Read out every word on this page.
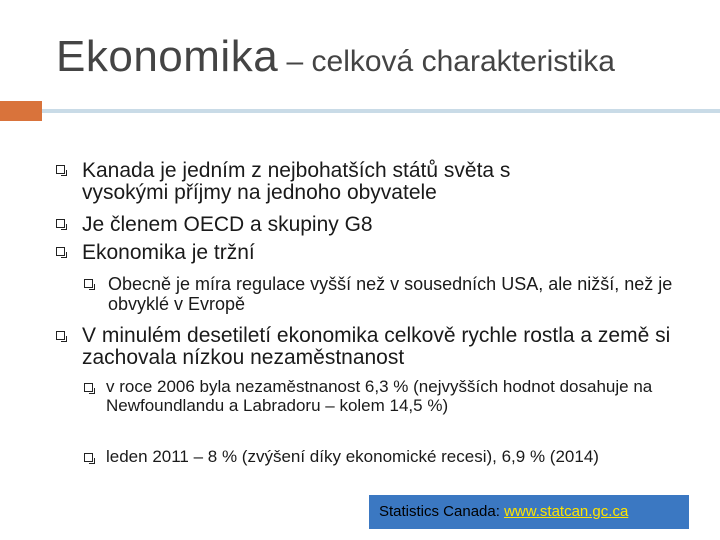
Ekonomika – celková charakteristika
Kanada je jedním z nejbohatších států světa s vysokými příjmy na jednoho obyvatele
Je členem OECD a skupiny G8
Ekonomika je tržní
Obecně je míra regulace vyšší než v sousedních USA, ale nižší, než je obvyklé v Evropě
V minulém desetiletí ekonomika celkově rychle rostla a země si zachovala nízkou nezaměstnanost
v roce 2006 byla nezaměstnanost 6,3 % (nejvyšších hodnot dosahuje na Newfoundlandu a Labradoru – kolem 14,5 %)
leden 2011 – 8 % (zvýšení díky ekonomické recesi), 6,9 % (2014)
Statistics Canada: www.statcan.gc.ca
